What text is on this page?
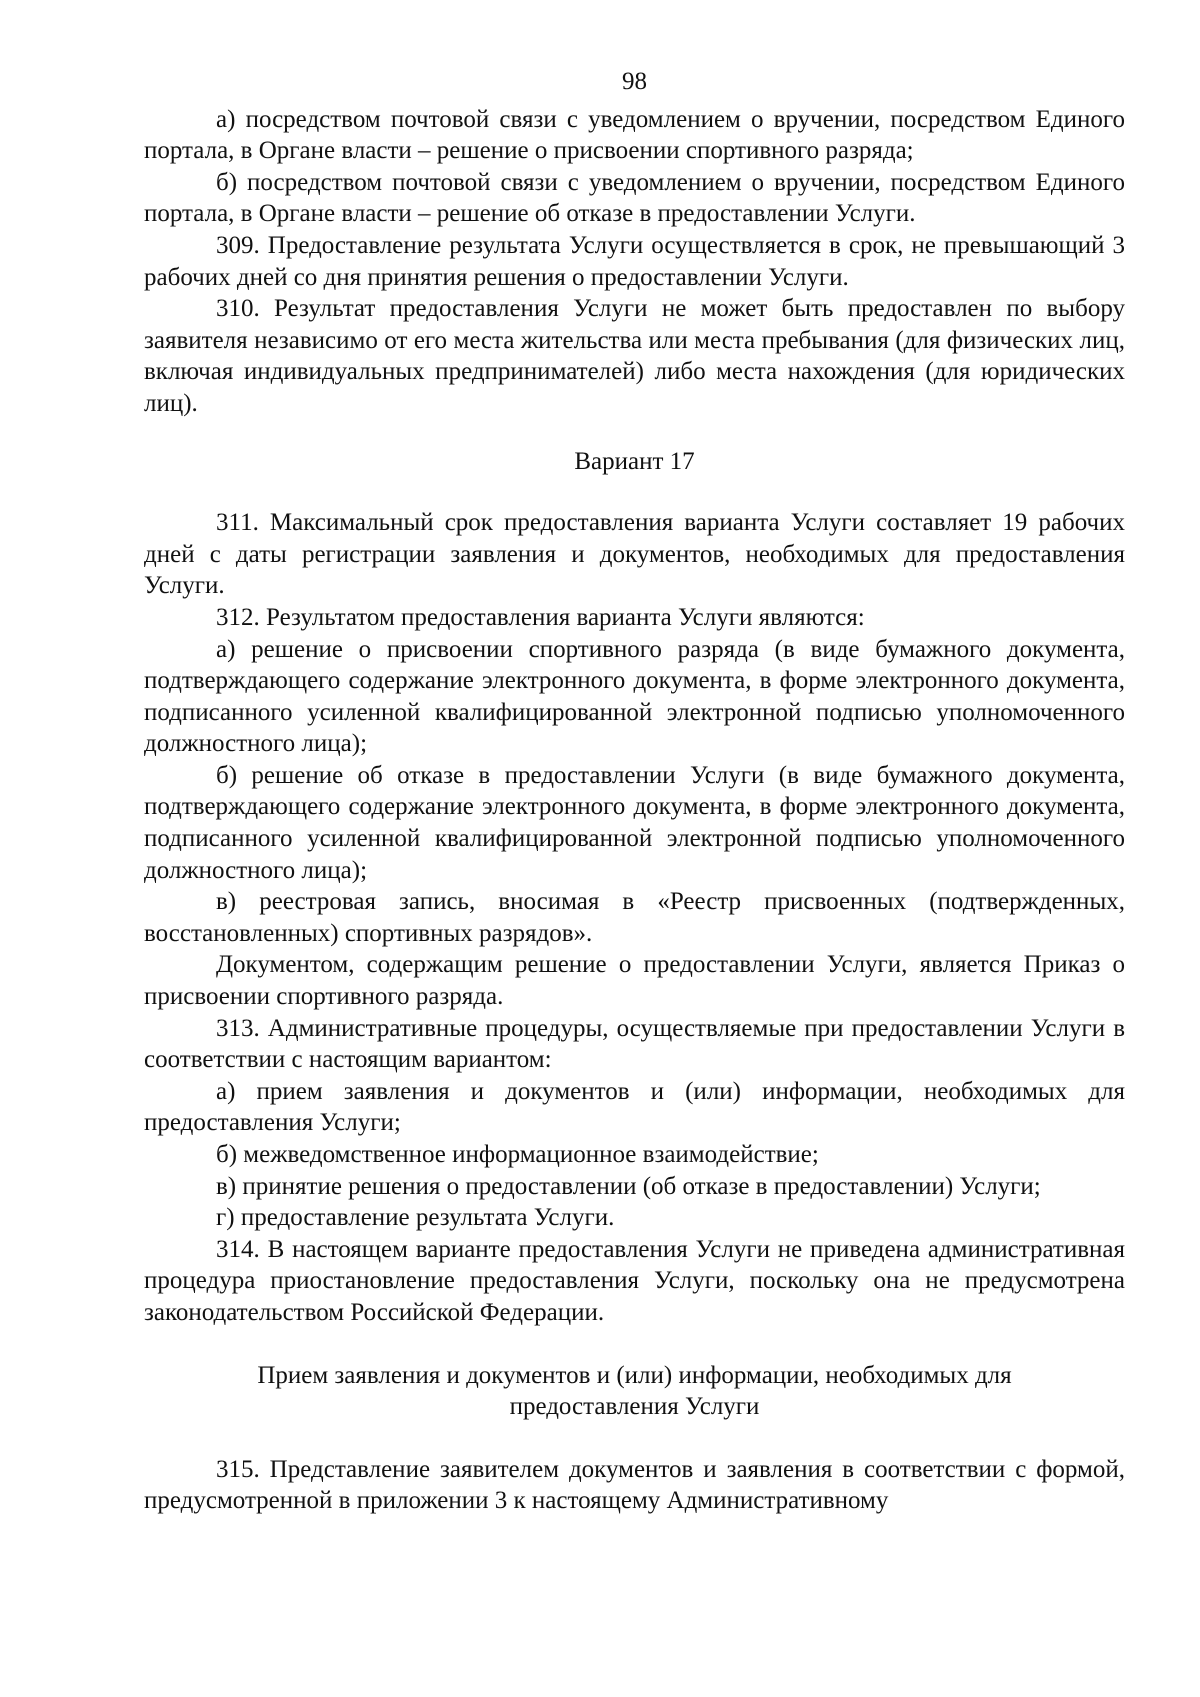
98

а) посредством почтовой связи с уведомлением о вручении, посредством Единого портала, в Органе власти – решение о присвоении спортивного разряда;

б) посредством почтовой связи с уведомлением о вручении, посредством Единого портала, в Органе власти – решение об отказе в предоставлении Услуги.

309. Предоставление результата Услуги осуществляется в срок, не превышающий 3 рабочих дней со дня принятия решения о предоставлении Услуги.

310. Результат предоставления Услуги не может быть предоставлен по выбору заявителя независимо от его места жительства или места пребывания (для физических лиц, включая индивидуальных предпринимателей) либо места нахождения (для юридических лиц).

Вариант 17

311. Максимальный срок предоставления варианта Услуги составляет 19 рабочих дней с даты регистрации заявления и документов, необходимых для предоставления Услуги.

312. Результатом предоставления варианта Услуги являются:

а) решение о присвоении спортивного разряда (в виде бумажного документа, подтверждающего содержание электронного документа, в форме электронного документа, подписанного усиленной квалифицированной электронной подписью уполномоченного должностного лица);

б) решение об отказе в предоставлении Услуги (в виде бумажного документа, подтверждающего содержание электронного документа, в форме электронного документа, подписанного усиленной квалифицированной электронной подписью уполномоченного должностного лица);

в) реестровая запись, вносимая в «Реестр присвоенных (подтвержденных, восстановленных) спортивных разрядов».

Документом, содержащим решение о предоставлении Услуги, является Приказ о присвоении спортивного разряда.

313. Административные процедуры, осуществляемые при предоставлении Услуги в соответствии с настоящим вариантом:

а) прием заявления и документов и (или) информации, необходимых для предоставления Услуги;

б) межведомственное информационное взаимодействие;

в) принятие решения о предоставлении (об отказе в предоставлении) Услуги;

г) предоставление результата Услуги.

314. В настоящем варианте предоставления Услуги не приведена административная процедура приостановление предоставления Услуги, поскольку она не предусмотрена законодательством Российской Федерации.

Прием заявления и документов и (или) информации, необходимых для
предоставления Услуги

315. Представление заявителем документов и заявления в соответствии с формой, предусмотренной в приложении 3 к настоящему Административному
